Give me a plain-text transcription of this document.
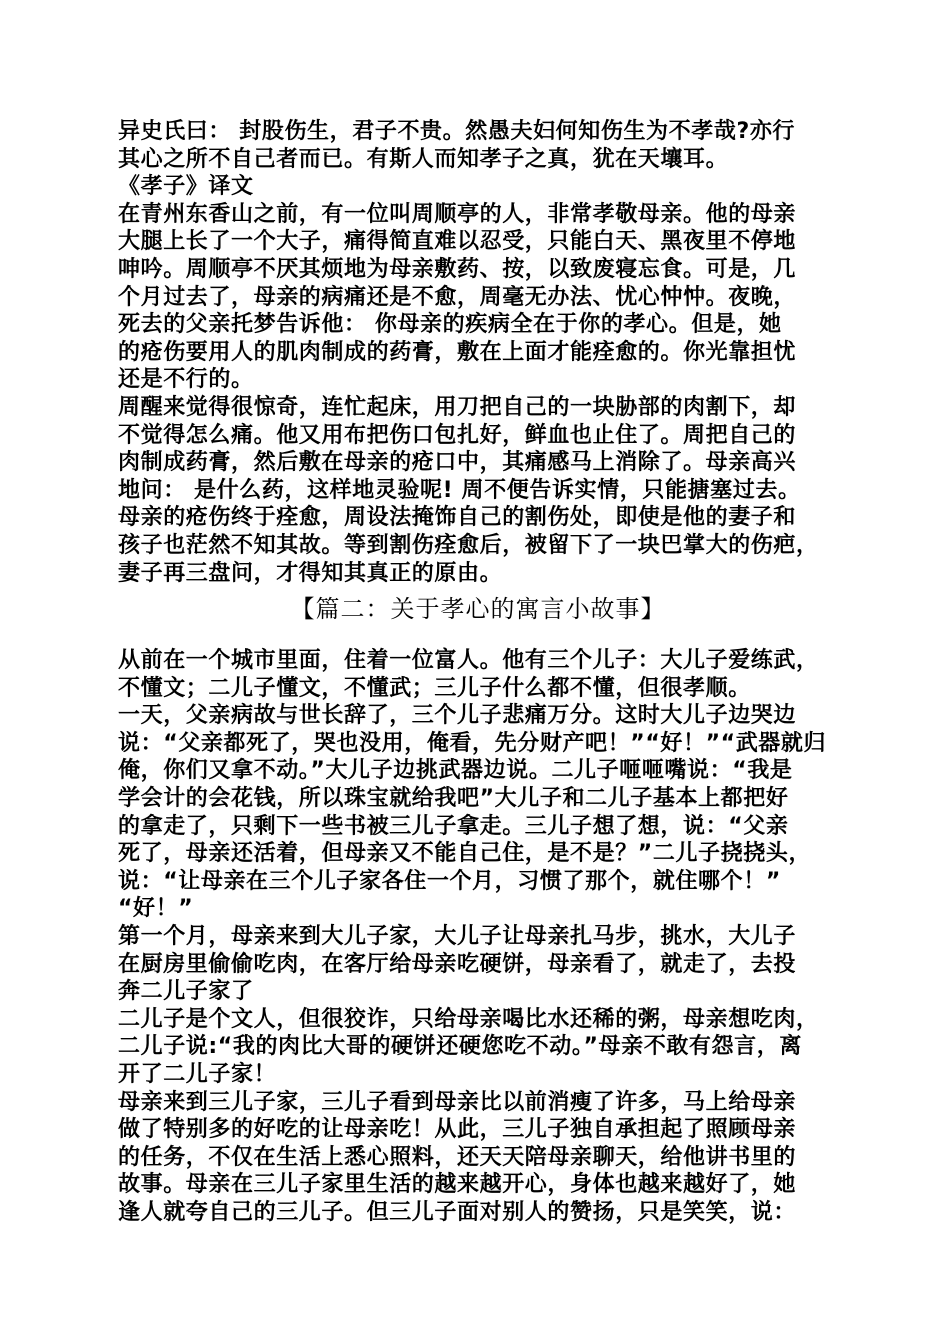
异史氏曰： 封股伤生，君子不贵。然愚夫妇何知伤生为不孝哉?亦行
其心之所不自己者而已。有斯人而知孝子之真，犹在天壤耳。

《孝子》译文

在青州东香山之前，有一位叫周顺亭的人，非常孝敬母亲。他的母亲
大腿上长了一个大子，痛得简直难以忍受，只能白天、黑夜里不停地
呻吟。周顺亭不厌其烦地为母亲敷药、按，以致废寝忘食。可是，几
个月过去了，母亲的病痛还是不愈，周毫无办法、忧心忡忡。夜晚，
死去的父亲托梦告诉他： 你母亲的疾病全在于你的孝心。但是，她
的疮伤要用人的肌肉制成的药膏，敷在上面才能痊愈的。你光靠担忧
还是不行的。

周醒来觉得很惊奇，连忙起床，用刀把自己的一块胁部的肉割下，却
不觉得怎么痛。他又用布把伤口包扎好，鲜血也止住了。周把自己的
肉制成药膏，然后敷在母亲的疮口中，其痛感马上消除了。母亲高兴
地问： 是什么药，这样地灵验呢! 周不便告诉实情，只能搪塞过去。
母亲的疮伤终于痊愈，周设法掩饰自己的割伤处，即使是他的妻子和
孩子也茫然不知其故。等到割伤痊愈后，被留下了一块巴掌大的伤疤，
妻子再三盘问，才得知其真正的原由。

【篇二：关于孝心的寓言小故事】

从前在一个城市里面，住着一位富人。他有三个儿子：大儿子爱练武，
不懂文；二儿子懂文，不懂武；三儿子什么都不懂，但很孝顺。

一天，父亲病故与世长辞了，三个儿子悲痛万分。这时大儿子边哭边
说：“父亲都死了，哭也没用，俺看，先分财产吧！”“好！”“武器就归
俺，你们又拿不动。”大儿子边挑武器边说。二儿子咂咂嘴说：“我是
学会计的会花钱，所以珠宝就给我吧”大儿子和二儿子基本上都把好
的拿走了，只剩下一些书被三儿子拿走。三儿子想了想，说：“父亲
死了，母亲还活着，但母亲又不能自己住，是不是？”二儿子挠挠头，
说：“让母亲在三个儿子家各住一个月，习惯了那个，就住哪个！”
“好！”

第一个月，母亲来到大儿子家，大儿子让母亲扎马步，挑水，大儿子
在厨房里偷偷吃肉，在客厅给母亲吃硬饼，母亲看了，就走了，去投
奔二儿子家了

二儿子是个文人，但很狡诈，只给母亲喝比水还稀的粥，母亲想吃肉，
二儿子说:“我的肉比大哥的硬饼还硬您吃不动。”母亲不敢有怨言，离
开了二儿子家！

母亲来到三儿子家，三儿子看到母亲比以前消瘦了许多，马上给母亲
做了特别多的好吃的让母亲吃！从此，三儿子独自承担起了照顾母亲
的任务，不仅在生活上悉心照料，还天天陪母亲聊天，给他讲书里的
故事。母亲在三儿子家里生活的越来越开心，身体也越来越好了，她
逢人就夸自己的三儿子。但三儿子面对别人的赞扬，只是笑笑，说：
